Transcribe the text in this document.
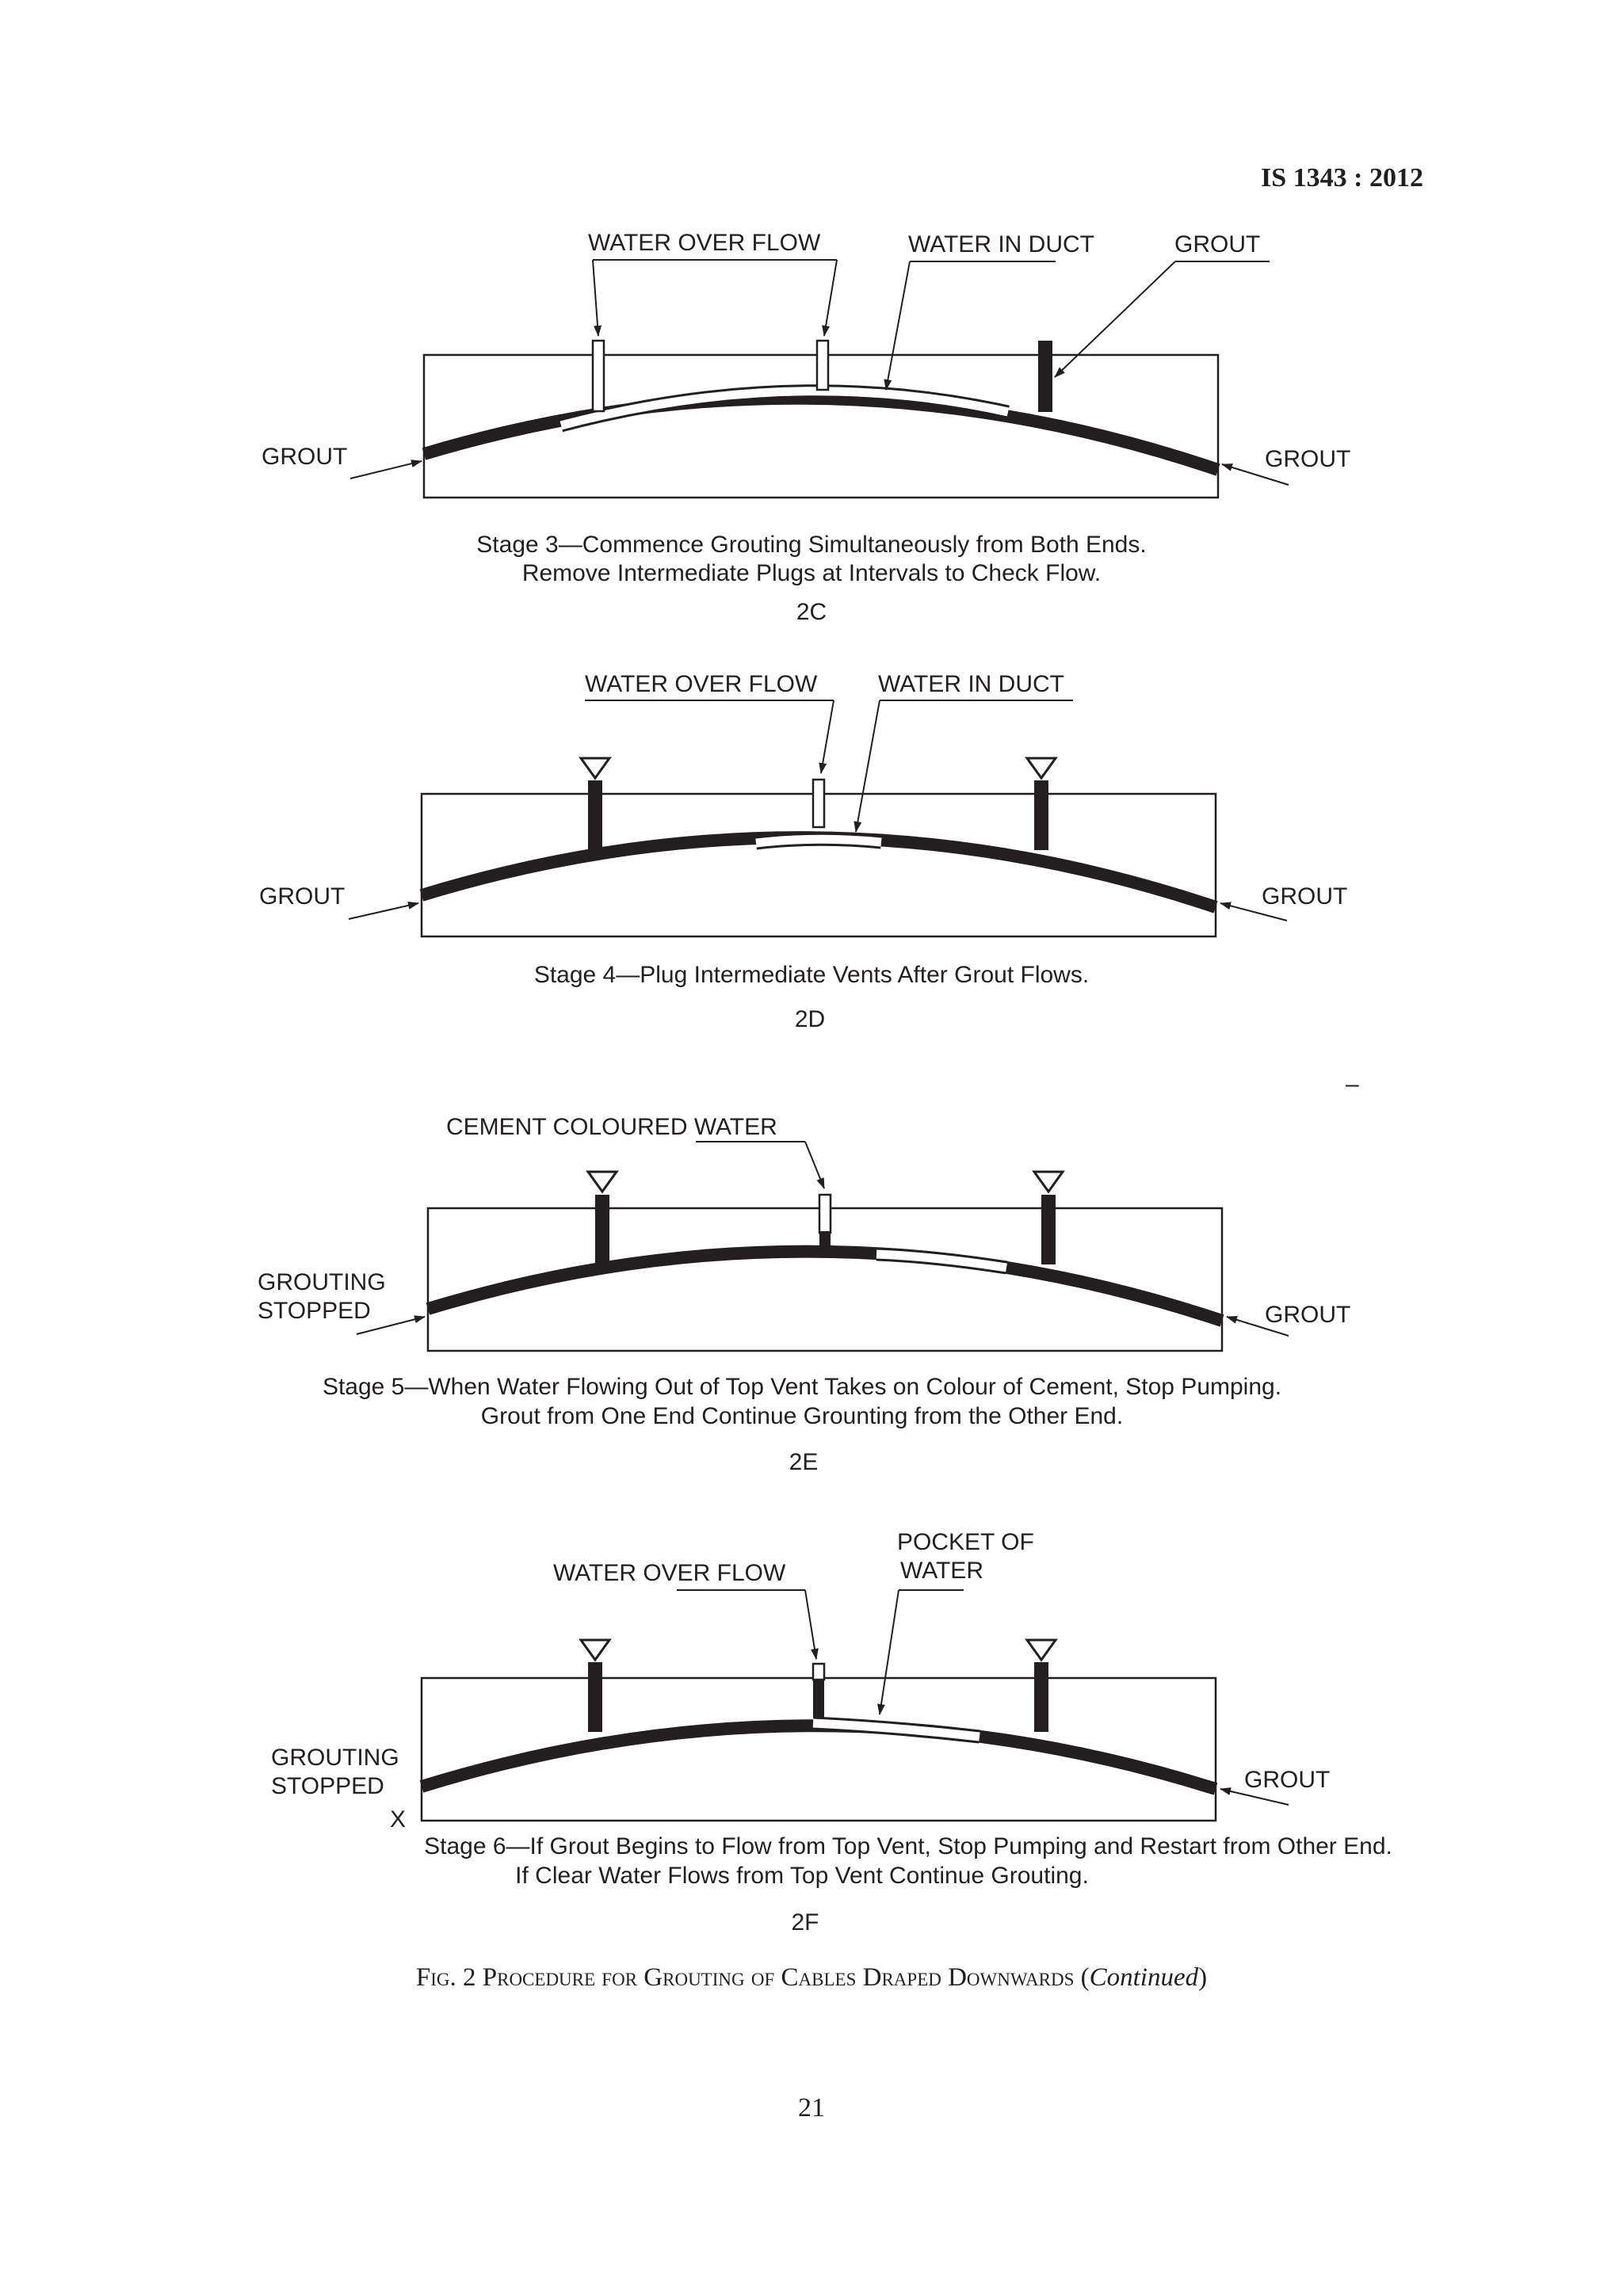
IS 1343 : 2012
WATER OVER FLOW	WATER IN DUCT	GROUT
GROUT	GROUT
Stage 3—Commence Grouting Simultaneously from Both Ends.
Remove Intermediate Plugs at Intervals to Check Flow.
2C
WATER OVER FLOW	WATER IN DUCT
GROUT	GROUT
Stage 4—Plug Intermediate Vents After Grout Flows.
2D
CEMENT COLOURED WATER
GROUTING
STOPPED	GROUT
Stage 5—When Water Flowing Out of Top Vent Takes on Colour of Cement, Stop Pumping.
Grout from One End Continue Grounting from the Other End.
2E
POCKET OF
WATER
WATER OVER FLOW
GROUTING
STOPPED
X
GROUT
Stage 6—If Grout Begins to Flow from Top Vent, Stop Pumping and Restart from Other End.
If Clear Water Flows from Top Vent Continue Grouting.
2F
–
Fig. 2 Procedure for Grouting of Cables Draped Downwards (Continued)
21
